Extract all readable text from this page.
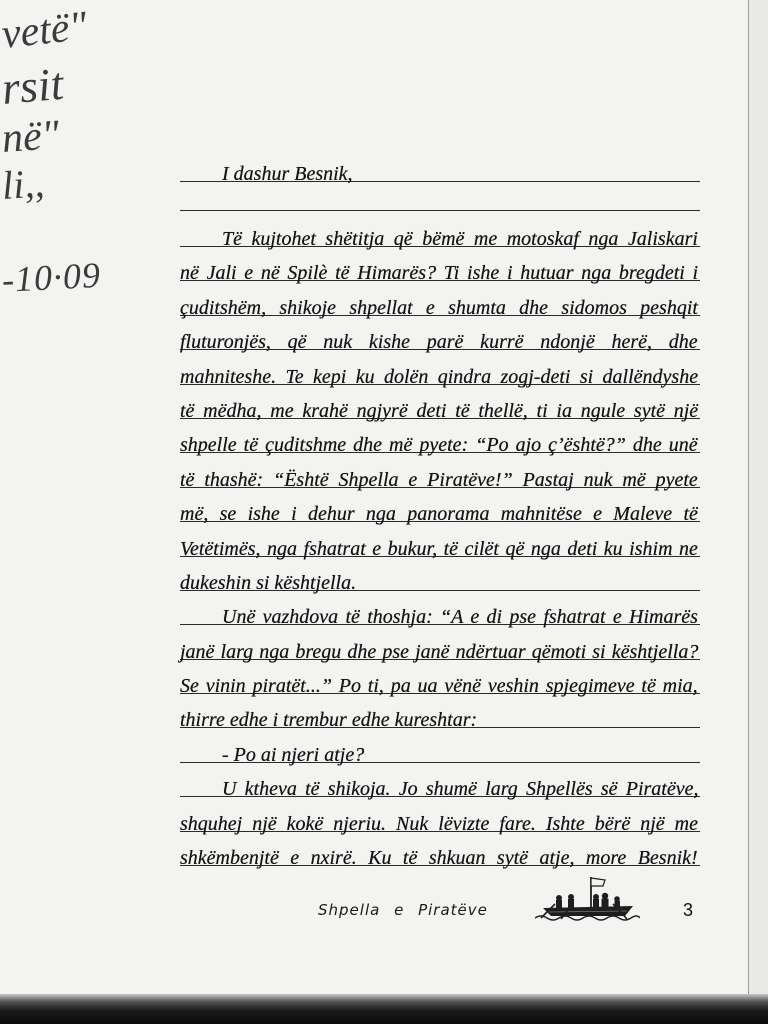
vetë"
rsit
në"
li,,
-10·09
I dashur Besnik,
Të kujtohet shëtitja që bëmë me motoskaf nga Jaliskari
në Jali e në Spilè të Himarës? Ti ishe i hutuar nga bregdeti i
çuditshëm, shikoje shpellat e shumta dhe sidomos peshqit
fluturonjës, që nuk kishe parë kurrë ndonjë herë, dhe
mahniteshe. Te kepi ku dolën qindra zogj-deti si dallëndyshe
të mëdha, me krahë ngjyrë deti të thellë, ti ia ngule sytë një
shpelle të çuditshme dhe më pyete: “Po ajo ç’është?” dhe unë
të thashë: “Është Shpella e Piratëve!” Pastaj nuk më pyete
më, se ishe i dehur nga panorama mahnitëse e Maleve të
Vetëtimës, nga fshatrat e bukur, të cilët që nga deti ku ishim ne
dukeshin si kështjella.
Unë vazhdova të thoshja: “A e di pse fshatrat e Himarës
janë larg nga bregu dhe pse janë ndërtuar qëmoti si kështjella?
Se vinin piratët...” Po ti, pa ua vënë veshin spjegimeve të mia,
thirre edhe i trembur edhe kureshtar:
- Po ai njeri atje?
U ktheva të shikoja. Jo shumë larg Shpellës së Piratëve,
shquhej një kokë njeriu. Nuk lëvizte fare. Ishte bërë një me
shkëmbenjtë e nxirë. Ku të shkuan sytë atje, more Besnik!
Shpella e Piratëve	3
